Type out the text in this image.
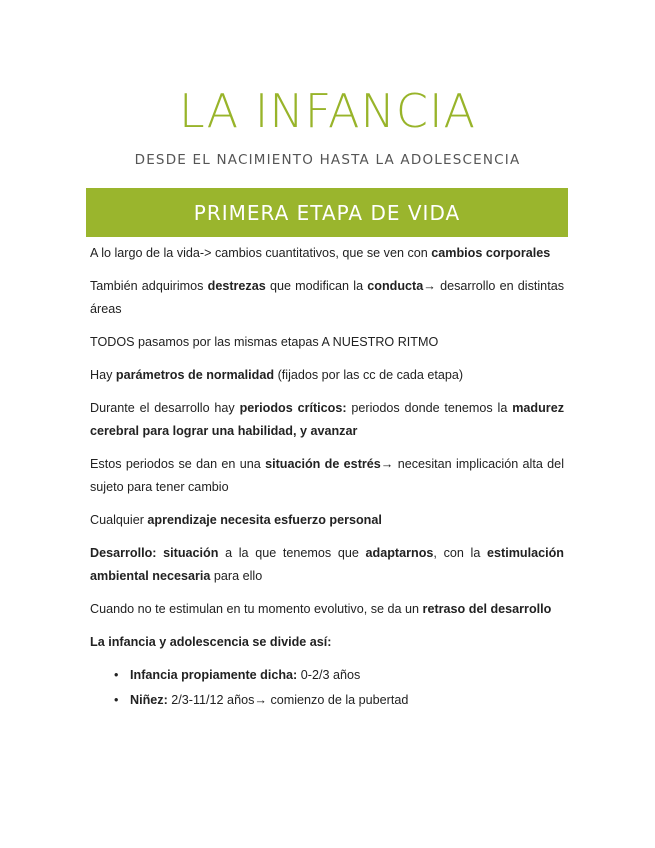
LA INFANCIA
DESDE EL NACIMIENTO HASTA LA ADOLESCENCIA
PRIMERA ETAPA DE VIDA
A lo largo de la vida-> cambios cuantitativos, que se ven con cambios corporales
También adquirimos destrezas que modifican la conducta→ desarrollo en distintas áreas
TODOS pasamos por las mismas etapas A NUESTRO RITMO
Hay parámetros de normalidad (fijados por las cc de cada etapa)
Durante el desarrollo hay periodos críticos: periodos donde tenemos la madurez cerebral para lograr una habilidad, y avanzar
Estos periodos se dan en una situación de estrés→ necesitan implicación alta del sujeto para tener cambio
Cualquier aprendizaje necesita esfuerzo personal
Desarrollo: situación a la que tenemos que adaptarnos, con la estimulación ambiental necesaria para ello
Cuando no te estimulan en tu momento evolutivo, se da un retraso del desarrollo
La infancia y adolescencia se divide así:
• Infancia propiamente dicha: 0-2/3 años
• Niñez: 2/3-11/12 años→ comienzo de la pubertad
